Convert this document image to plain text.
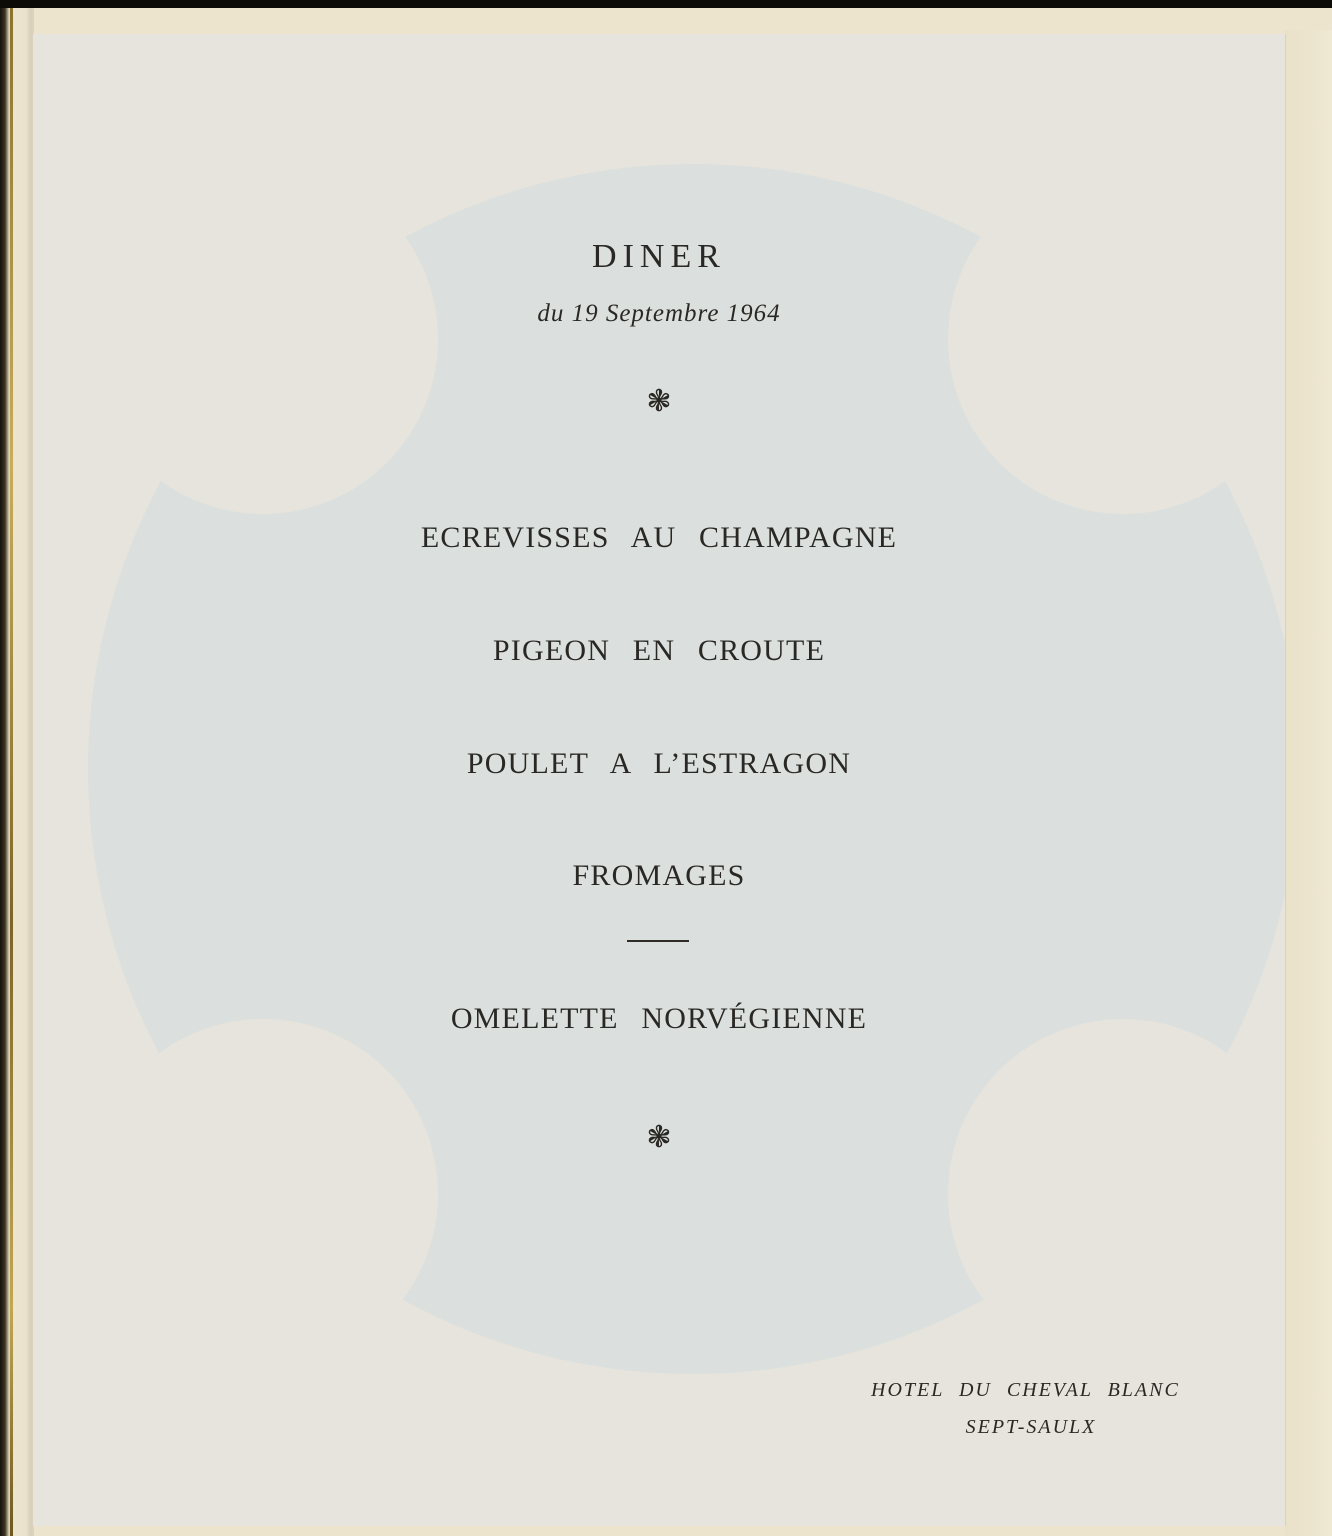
DINER
du 19 Septembre 1964
❃
ECREVISSES AU CHAMPAGNE
PIGEON EN CROUTE
POULET A L’ESTRAGON
FROMAGES
OMELETTE NORVÉGIENNE
❃
HOTEL DU CHEVAL BLANC
SEPT-SAULX
